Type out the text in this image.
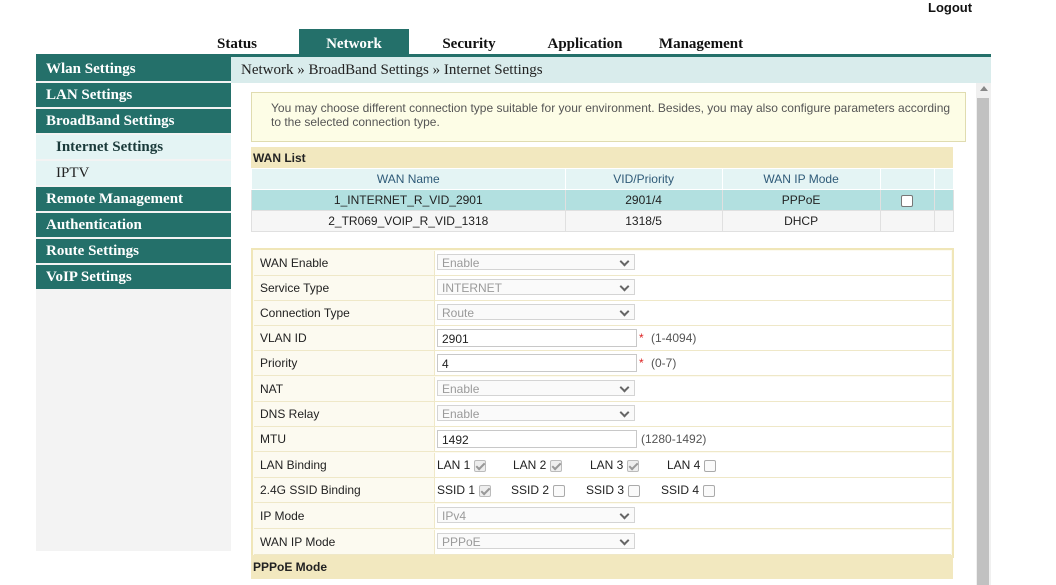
Logout
Status	Network	Security	Application	Management
Wlan Settings
LAN Settings
BroadBand Settings
Internet Settings
IPTV
Remote Management
Authentication
Route Settings
VoIP Settings
Network » BroadBand Settings » Internet Settings
You may choose different connection type suitable for your environment. Besides, you may also configure parameters according to the selected connection type.
WAN List
WAN Name	VID/Priority	WAN IP Mode		
1_INTERNET_R_VID_2901	2901/4	PPPoE		
2_TR069_VOIP_R_VID_1318	1318/5	DHCP		
WAN Enable	Enable
Service Type	INTERNET
Connection Type	Route
VLAN ID	2901	* (1-4094)
Priority	4	* (0-7)
NAT	Enable
DNS Relay	Enable
MTU	1492	(1280-1492)
LAN Binding	LAN 1	LAN 2	LAN 3	LAN 4
2.4G SSID Binding	SSID 1	SSID 2	SSID 3	SSID 4
IP Mode	IPv4
WAN IP Mode	PPPoE
PPPoE Mode
